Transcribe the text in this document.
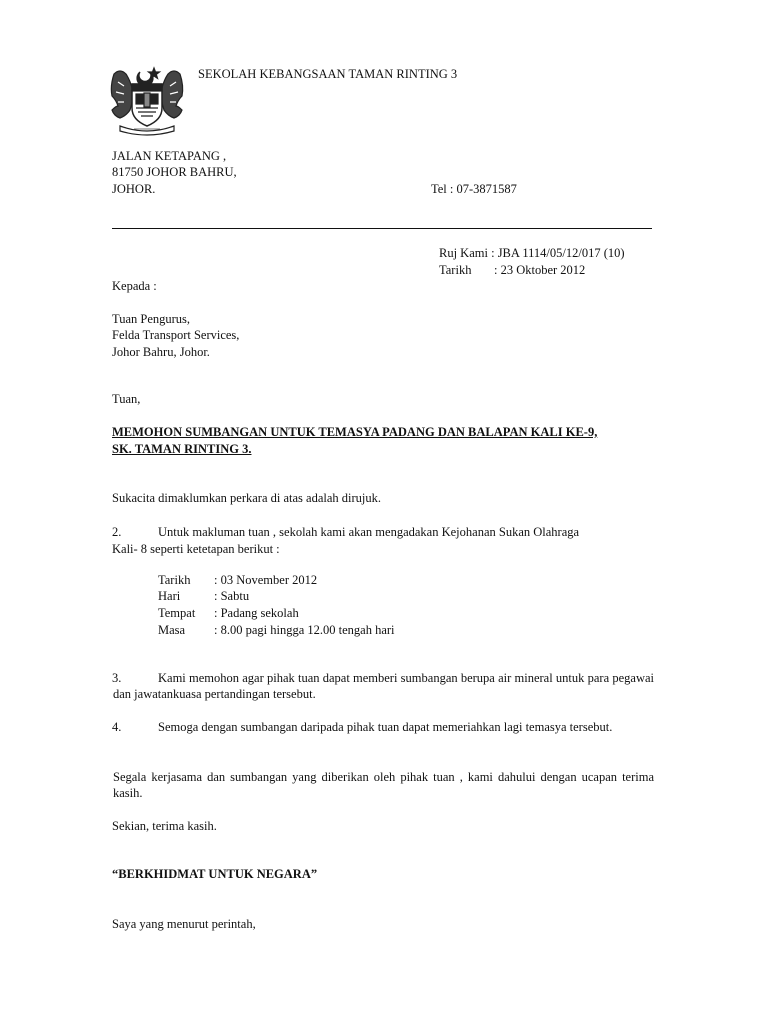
SEKOLAH KEBANGSAAN TAMAN RINTING 3
JALAN KETAPANG ,
81750 JOHOR BAHRU,
JOHOR.	Tel : 07-3871587
Ruj Kami : JBA 1114/05/12/017 (10)
Tarikh : 23 Oktober 2012
Kepada :
Tuan Pengurus,
Felda Transport Services,
Johor Bahru, Johor.
Tuan,
MEMOHON SUMBANGAN UNTUK TEMASYA PADANG DAN BALAPAN KALI KE-9,
SK. TAMAN RINTING 3.
Sukacita dimaklumkan perkara di atas adalah dirujuk.
2.	Untuk makluman tuan , sekolah kami akan mengadakan Kejohanan Sukan Olahraga
Kali- 8 seperti ketetapan berikut :
Tarikh : 03 November 2012
Hari	: Sabtu
Tempat : Padang sekolah
Masa : 8.00 pagi hingga 12.00 tengah hari
3.	Kami memohon agar pihak tuan dapat memberi sumbangan berupa air mineral untuk para pegawai dan jawatankuasa pertandingan tersebut.
4.	Semoga dengan sumbangan daripada pihak tuan dapat memeriahkan lagi temasya tersebut.
Segala kerjasama dan sumbangan yang diberikan oleh pihak tuan , kami dahului dengan ucapan terima kasih.
Sekian, terima kasih.
“BERKHIDMAT UNTUK NEGARA”
Saya yang menurut perintah,
